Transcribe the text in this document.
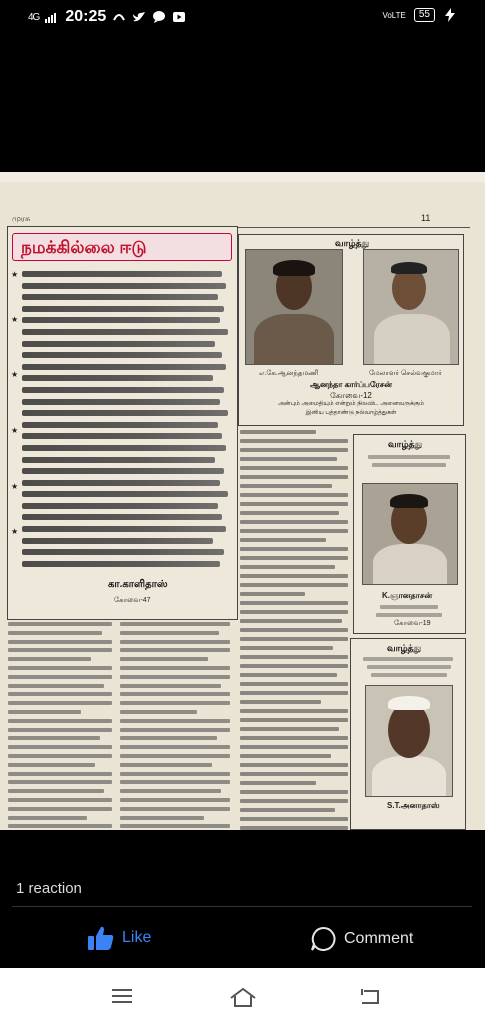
4G 20:25	VoLTE	55
முரசு	11
நமக்கில்லை ஈடு
★
★
★
★
★
★
கா.காளிதாஸ்
கோவை-47
வாழ்த்து
எ.கே.ஆனந்தமணி	மேலாளர் செல்வகுமார்
ஆனந்தா கார்ப்பரேசன்
கோவை-12
அன்பும் அமைதியும் என்றும் நிலவிட அனைவருக்கும்
இனிய புத்தாண்டு நல்வாழ்த்துகள்
வாழ்த்து
K.ஞானதாசன்
கோவை-19
வாழ்த்து
S.T.அனாதாஸ்
1 reaction
Like	Comment
